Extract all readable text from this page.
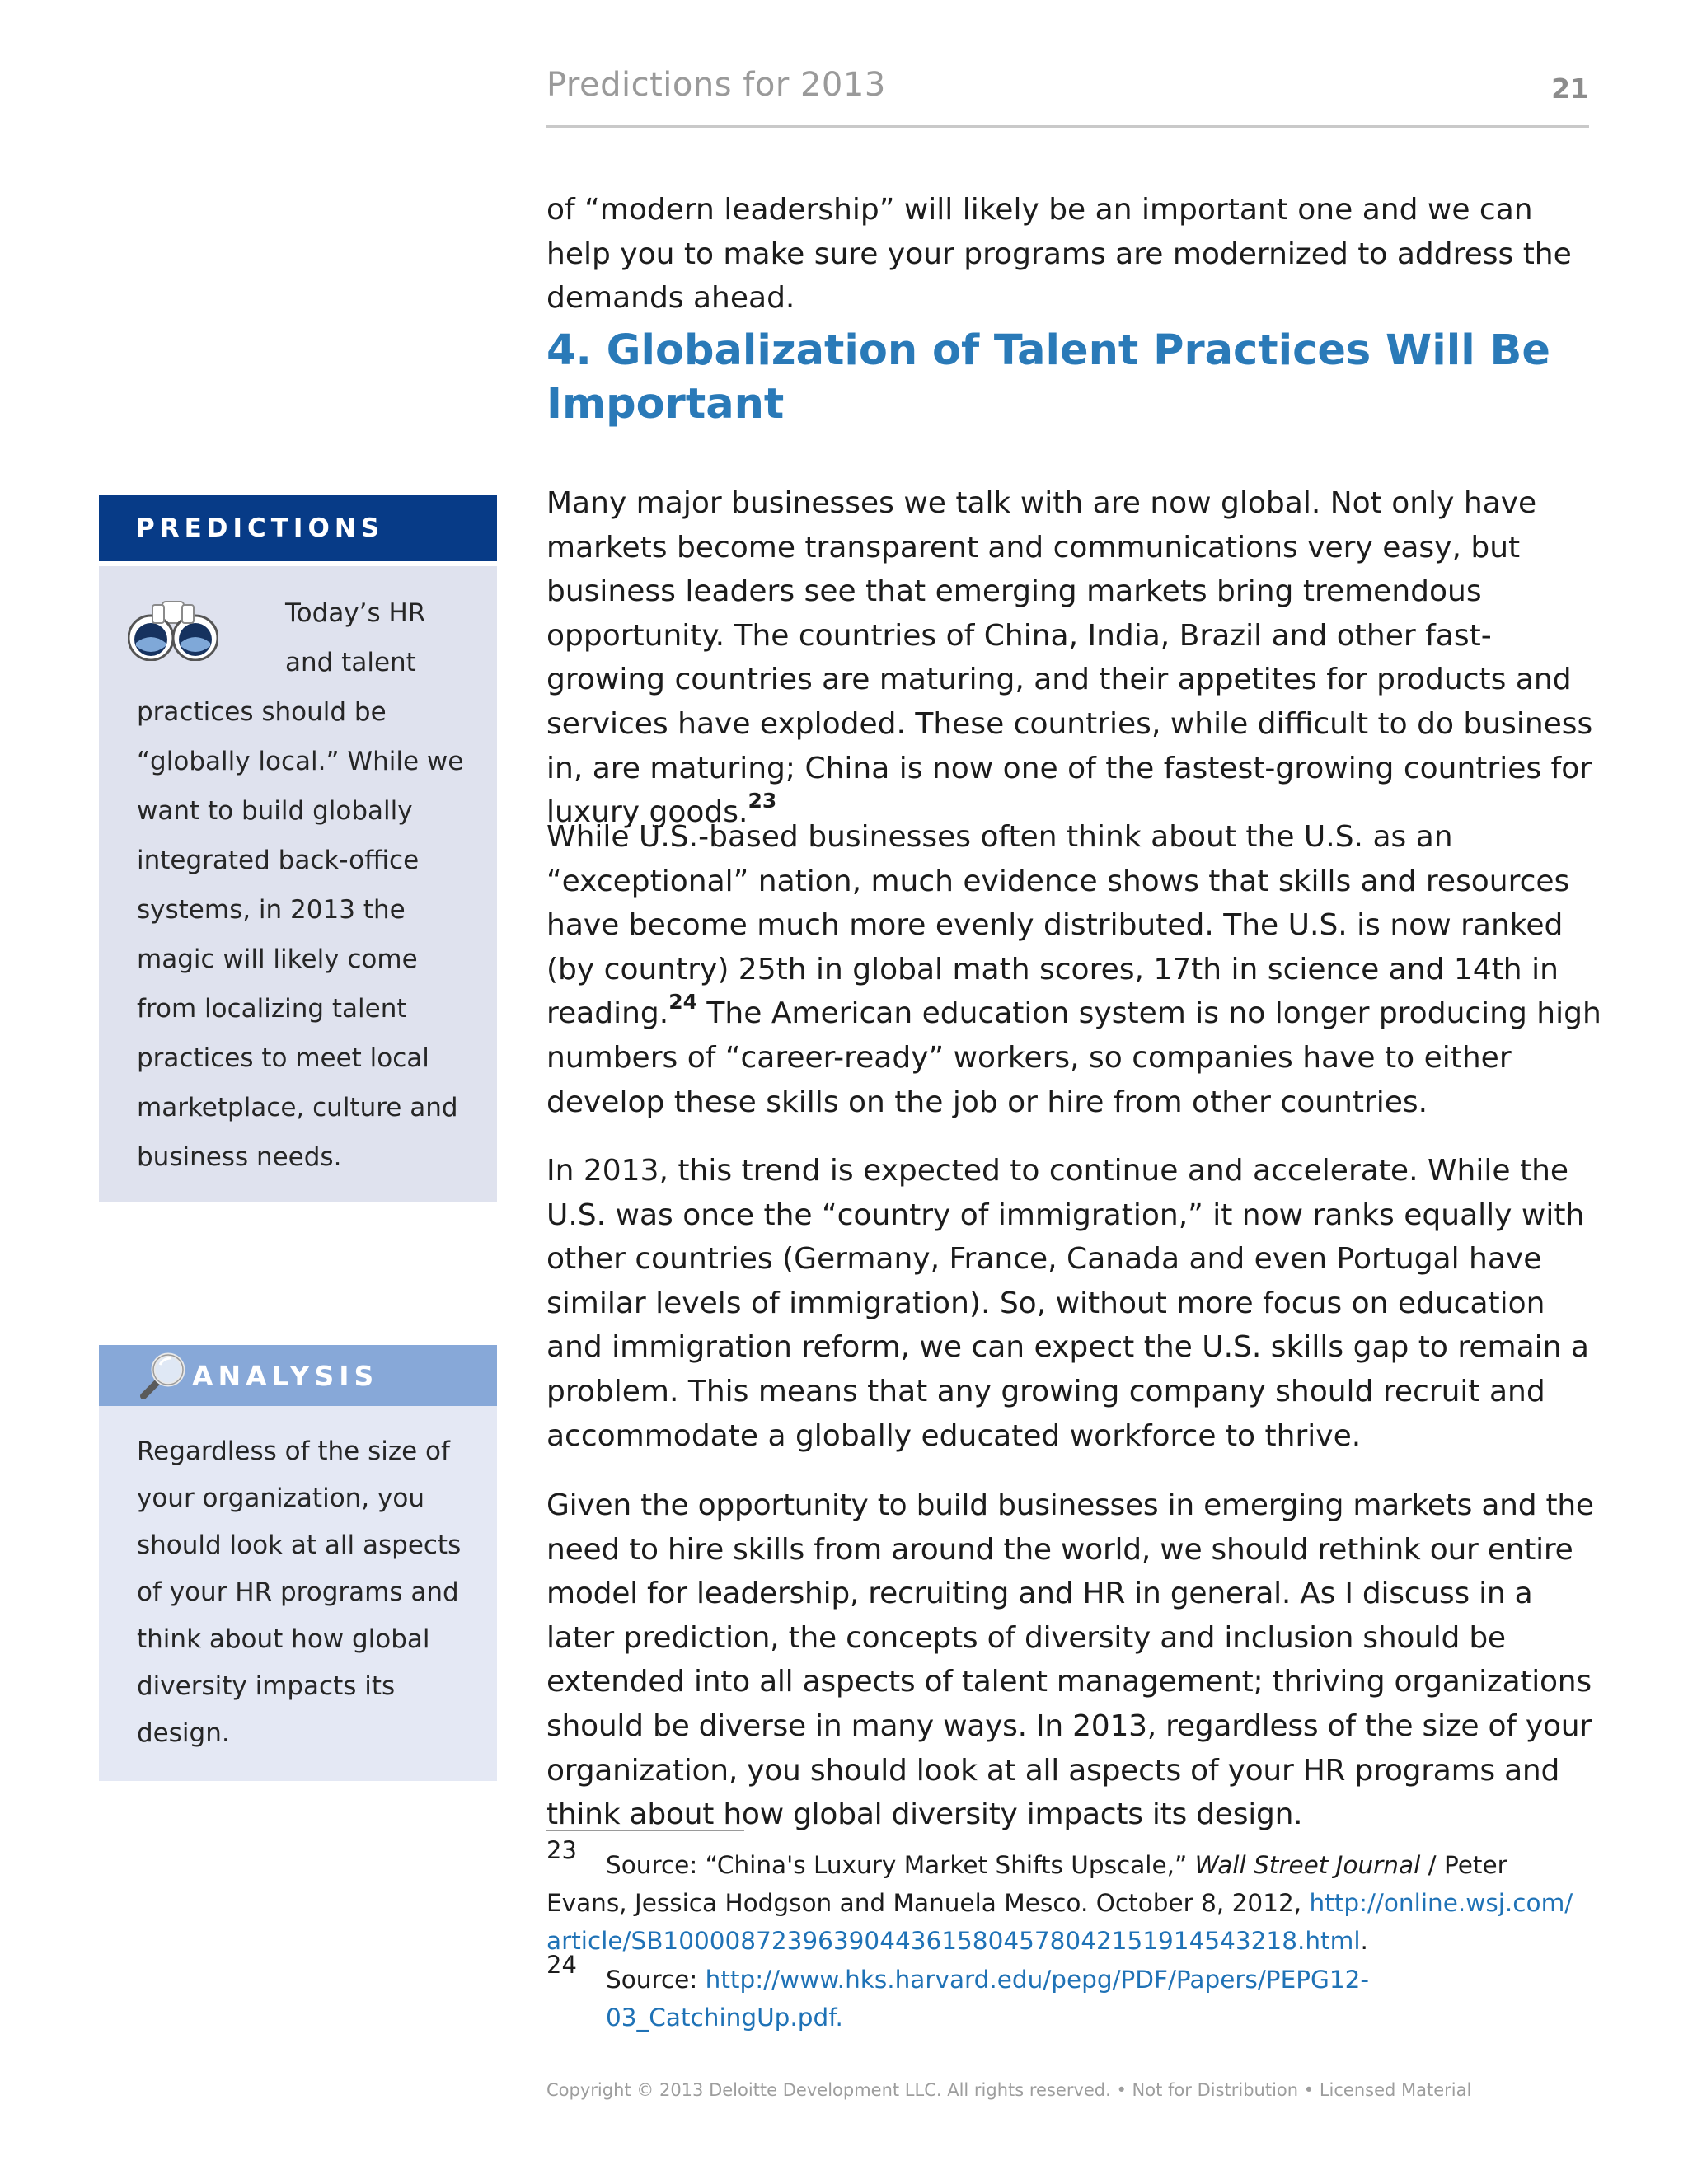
Predictions for 2013	21

of “modern leadership” will likely be an important one and we can help you to make sure your programs are modernized to address the demands ahead.

4. Globalization of Talent Practices Will Be Important

Many major businesses we talk with are now global. Not only have markets become transparent and communications very easy, but business leaders see that emerging markets bring tremendous opportunity. The countries of China, India, Brazil and other fast-growing countries are maturing, and their appetites for products and services have exploded. These countries, while difficult to do business in, are maturing; China is now one of the fastest-growing countries for luxury goods.$^{23}$

While U.S.-based businesses often think about the U.S. as an “exceptional” nation, much evidence shows that skills and resources have become much more evenly distributed. The U.S. is now ranked (by country) 25th in global math scores, 17th in science and 14th in reading.$^{24}$ The American education system is no longer producing high numbers of “career-ready” workers, so companies have to either develop these skills on the job or hire from other countries.

In 2013, this trend is expected to continue and accelerate. While the U.S. was once the “country of immigration,” it now ranks equally with other countries (Germany, France, Canada and even Portugal have similar levels of immigration). So, without more focus on education and immigration reform, we can expect the U.S. skills gap to remain a problem. This means that any growing company should recruit and accommodate a globally educated workforce to thrive.

Given the opportunity to build businesses in emerging markets and the need to hire skills from around the world, we should rethink our entire model for leadership, recruiting and HR in general. As I discuss in a later prediction, the concepts of diversity and inclusion should be extended into all aspects of talent management; thriving organizations should be diverse in many ways. In 2013, regardless of the size of your organization, you should look at all aspects of your HR programs and think about how global diversity impacts its design.

PREDICTIONS

Today’s HR

and talent

practices should be “globally local.” While we want to build globally integrated back-office systems, in 2013 the magic will likely come from localizing talent practices to meet local marketplace, culture and business needs.

ANALYSIS

Regardless of the size of your organization, you should look at all aspects of your HR programs and think about how global diversity impacts its design.

23

Source: “China's Luxury Market Shifts Upscale,” Wall Street Journal / Peter Evans, Jessica Hodgson and Manuela Mesco. October 8, 2012, http://online.wsj.com/article/SB10000872396390443615804578042151914543218.html.

24

Source: http://www.hks.harvard.edu/pepg/PDF/Papers/PEPG12-03_CatchingUp.pdf.

Copyright © 2013 Deloitte Development LLC. All rights reserved. • Not for Distribution • Licensed Material
